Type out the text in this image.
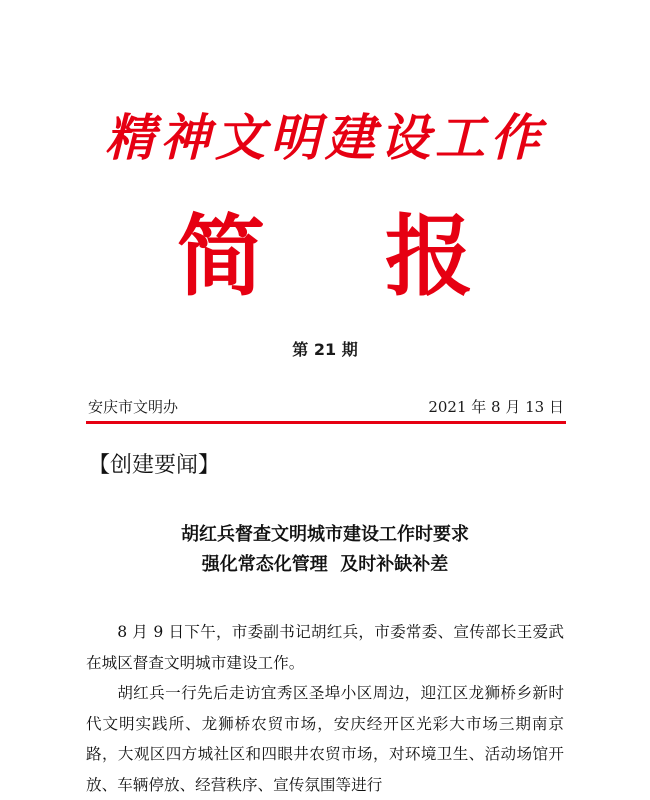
精神文明建设工作
简 报
第 21 期
安庆市文明办	2021 年 8 月 13 日
【创建要闻】
胡红兵督查文明城市建设工作时要求
强化常态化管理  及时补缺补差

8 月 9 日下午，市委副书记胡红兵，市委常委、宣传部长王爱武在城区督查文明城市建设工作。

胡红兵一行先后走访宜秀区圣埠小区周边，迎江区龙狮桥乡新时代文明实践所、龙狮桥农贸市场，安庆经开区光彩大市场三期南京路，大观区四方城社区和四眼井农贸市场，对环境卫生、活动场馆开放、车辆停放、经营秩序、宣传氛围等进行
